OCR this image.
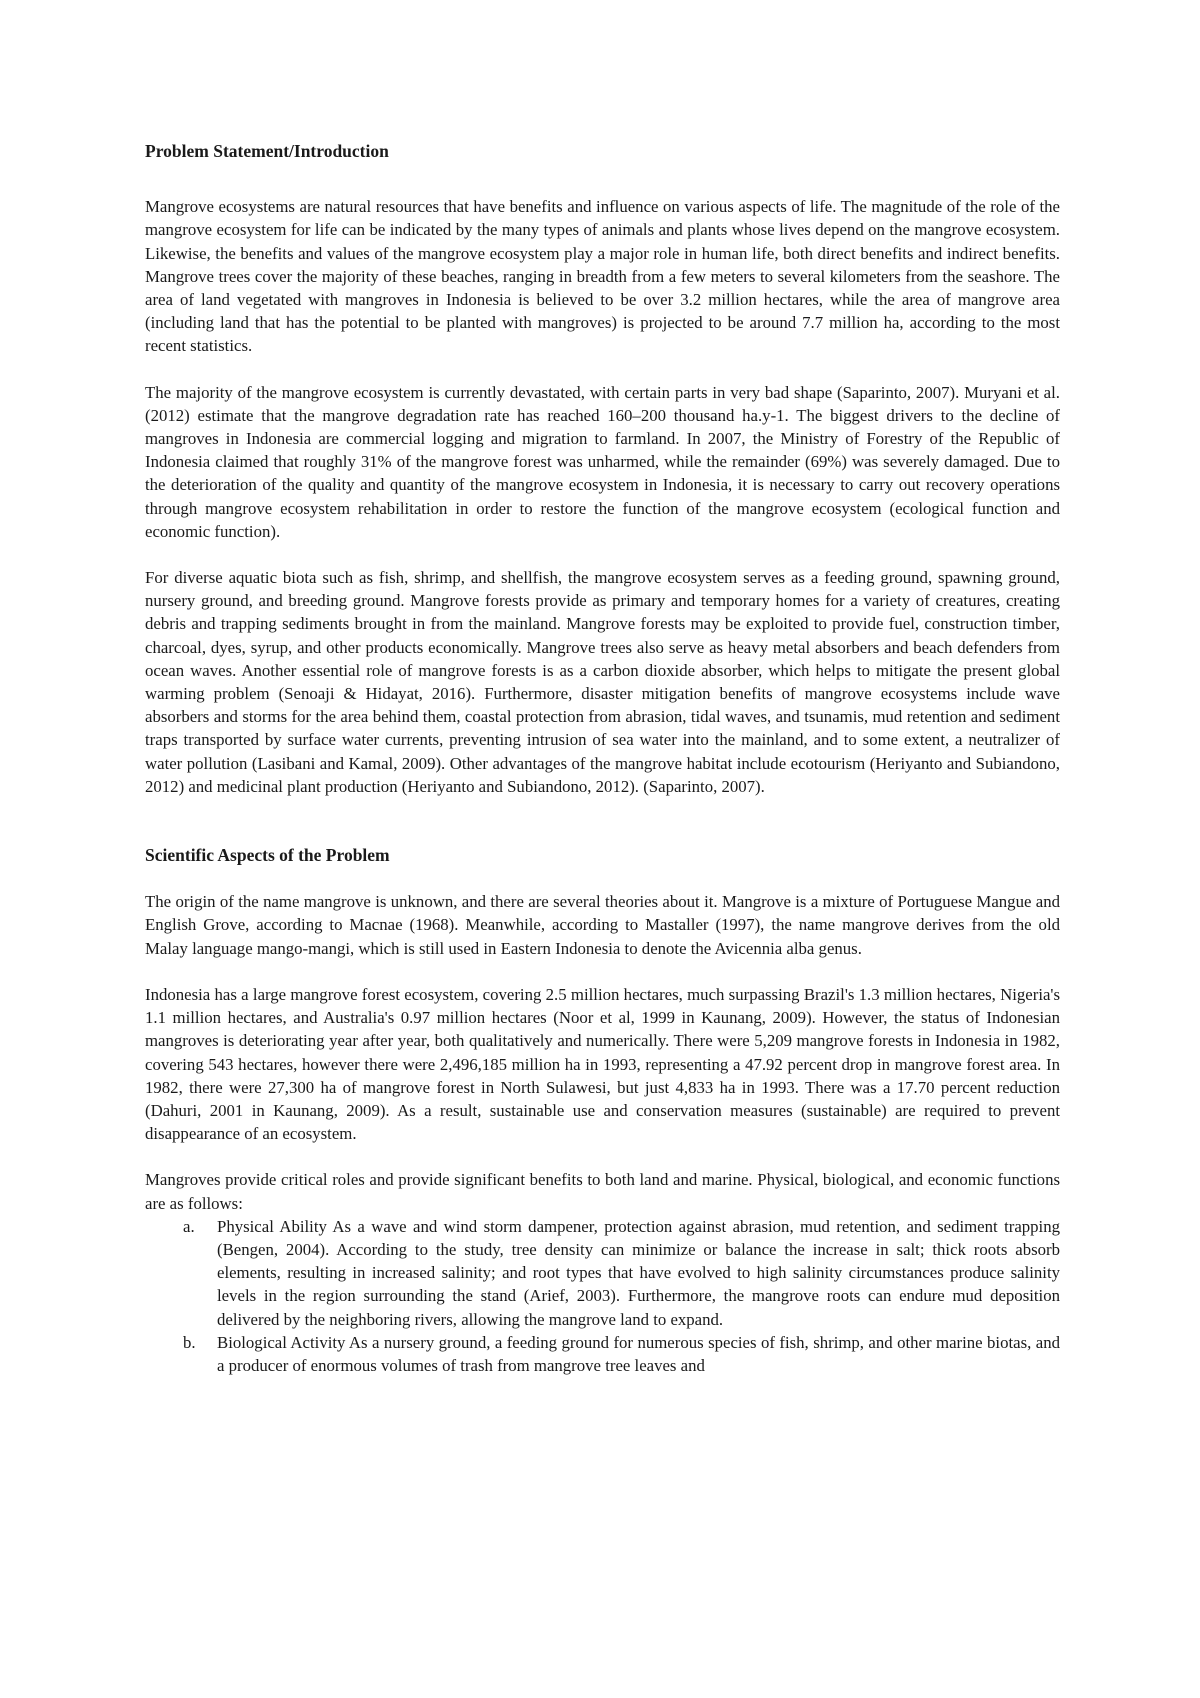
Problem Statement/Introduction

Mangrove ecosystems are natural resources that have benefits and influence on various aspects of life. The magnitude of the role of the mangrove ecosystem for life can be indicated by the many types of animals and plants whose lives depend on the mangrove ecosystem. Likewise, the benefits and values of the mangrove ecosystem play a major role in human life, both direct benefits and indirect benefits. Mangrove trees cover the majority of these beaches, ranging in breadth from a few meters to several kilometers from the seashore. The area of land vegetated with mangroves in Indonesia is believed to be over 3.2 million hectares, while the area of mangrove area (including land that has the potential to be planted with mangroves) is projected to be around 7.7 million ha, according to the most recent statistics.

The majority of the mangrove ecosystem is currently devastated, with certain parts in very bad shape (Saparinto, 2007). Muryani et al.(2012) estimate that the mangrove degradation rate has reached 160–200 thousand ha.y-1. The biggest drivers to the decline of mangroves in Indonesia are commercial logging and migration to farmland. In 2007, the Ministry of Forestry of the Republic of Indonesia claimed that roughly 31% of the mangrove forest was unharmed, while the remainder (69%) was severely damaged. Due to the deterioration of the quality and quantity of the mangrove ecosystem in Indonesia, it is necessary to carry out recovery operations through mangrove ecosystem rehabilitation in order to restore the function of the mangrove ecosystem (ecological function and economic function).

For diverse aquatic biota such as fish, shrimp, and shellfish, the mangrove ecosystem serves as a feeding ground, spawning ground, nursery ground, and breeding ground. Mangrove forests provide as primary and temporary homes for a variety of creatures, creating debris and trapping sediments brought in from the mainland. Mangrove forests may be exploited to provide fuel, construction timber, charcoal, dyes, syrup, and other products economically. Mangrove trees also serve as heavy metal absorbers and beach defenders from ocean waves. Another essential role of mangrove forests is as a carbon dioxide absorber, which helps to mitigate the present global warming problem (Senoaji & Hidayat, 2016). Furthermore, disaster mitigation benefits of mangrove ecosystems include wave absorbers and storms for the area behind them, coastal protection from abrasion, tidal waves, and tsunamis, mud retention and sediment traps transported by surface water currents, preventing intrusion of sea water into the mainland, and to some extent, a neutralizer of water pollution (Lasibani and Kamal, 2009). Other advantages of the mangrove habitat include ecotourism (Heriyanto and Subiandono, 2012) and medicinal plant production (Heriyanto and Subiandono, 2012). (Saparinto, 2007).

Scientific Aspects of the Problem

The origin of the name mangrove is unknown, and there are several theories about it. Mangrove is a mixture of Portuguese Mangue and English Grove, according to Macnae (1968). Meanwhile, according to Mastaller (1997), the name mangrove derives from the old Malay language mango-mangi, which is still used in Eastern Indonesia to denote the Avicennia alba genus.

Indonesia has a large mangrove forest ecosystem, covering 2.5 million hectares, much surpassing Brazil's 1.3 million hectares, Nigeria's 1.1 million hectares, and Australia's 0.97 million hectares (Noor et al, 1999 in Kaunang, 2009). However, the status of Indonesian mangroves is deteriorating year after year, both qualitatively and numerically. There were 5,209 mangrove forests in Indonesia in 1982, covering 543 hectares, however there were 2,496,185 million ha in 1993, representing a 47.92 percent drop in mangrove forest area. In 1982, there were 27,300 ha of mangrove forest in North Sulawesi, but just 4,833 ha in 1993. There was a 17.70 percent reduction (Dahuri, 2001 in Kaunang, 2009). As a result, sustainable use and conservation measures (sustainable) are required to prevent disappearance of an ecosystem.

Mangroves provide critical roles and provide significant benefits to both land and marine. Physical, biological, and economic functions are as follows:

a. Physical Ability As a wave and wind storm dampener, protection against abrasion, mud retention, and sediment trapping (Bengen, 2004). According to the study, tree density can minimize or balance the increase in salt; thick roots absorb elements, resulting in increased salinity; and root types that have evolved to high salinity circumstances produce salinity levels in the region surrounding the stand (Arief, 2003). Furthermore, the mangrove roots can endure mud deposition delivered by the neighboring rivers, allowing the mangrove land to expand.
b. Biological Activity As a nursery ground, a feeding ground for numerous species of fish, shrimp, and other marine biotas, and a producer of enormous volumes of trash from mangrove tree leaves and
